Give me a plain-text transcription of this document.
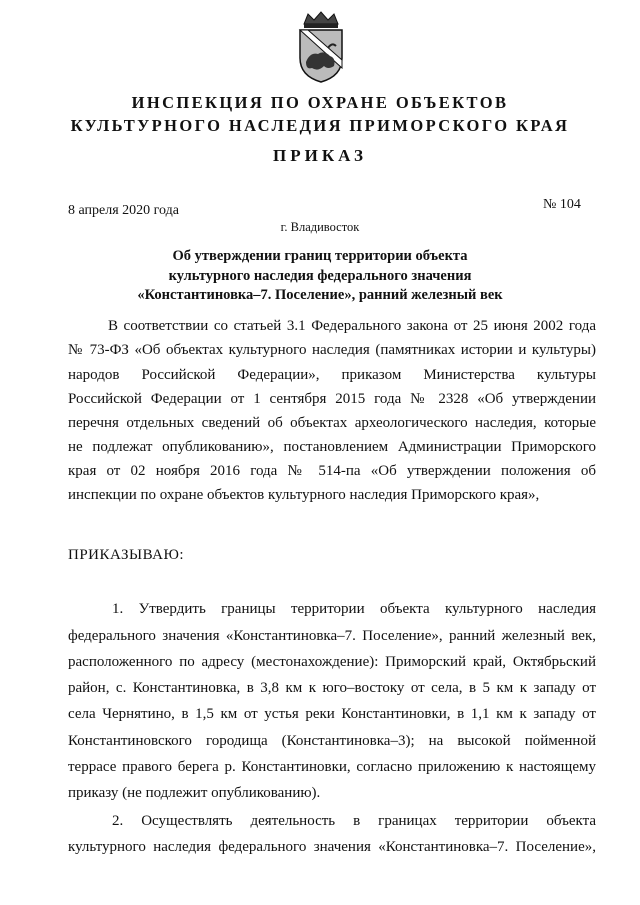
ИНСПЕКЦИЯ ПО ОХРАНЕ ОБЪЕКТОВ
КУЛЬТУРНОГО НАСЛЕДИЯ ПРИМОРСКОГО КРАЯ
ПРИКАЗ
8 апреля 2020 года	№ 104
г. Владивосток
Об утверждении границ территории объекта
культурного наследия федерального значения
«Константиновка–7. Поселение», ранний железный век
В соответствии со статьей 3.1 Федерального закона от 25 июня 2002 года
№ 73-ФЗ «Об объектах культурного наследия (памятниках истории и культуры)
народов Российской Федерации», приказом Министерства культуры
Российской Федерации от 1 сентября 2015 года № 2328 «Об утверждении
перечня отдельных сведений об объектах археологического наследия, которые
не подлежат опубликованию», постановлением Администрации Приморского
края от 02 ноября 2016 года № 514-па «Об утверждении положения об
инспекции по охране объектов культурного наследия Приморского края»,
ПРИКАЗЫВАЮ:
1. Утвердить границы территории объекта культурного наследия
федерального значения «Константиновка–7. Поселение», ранний железный век,
расположенного по адресу (местонахождение): Приморский край, Октябрьский
район, с. Константиновка, в 3,8 км к юго–востоку от села, в 5 км к западу от
села Чернятино, в 1,5 км от устья реки Константиновки, в 1,1 км к западу от
Константиновского городища (Константиновка–3); на высокой пойменной
террасе правого берега р. Константиновки, согласно приложению к настоящему
приказу (не подлежит опубликованию).
2. Осуществлять деятельность в границах территории объекта
культурного наследия федерального значения «Константиновка–7. Поселение»,
